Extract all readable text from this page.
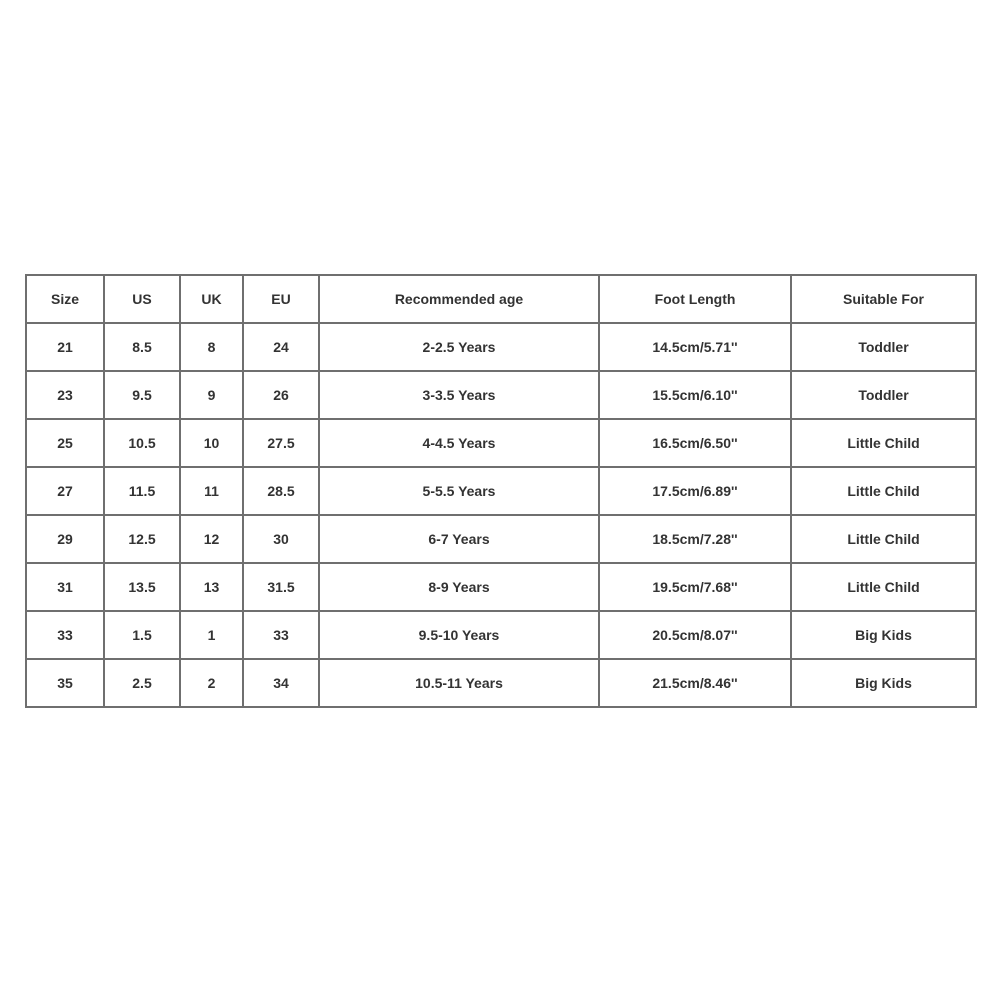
Size	US	UK	EU	Recommended age	Foot Length	Suitable For
21	8.5	8	24	2-2.5 Years	14.5cm/5.71''	Toddler
23	9.5	9	26	3-3.5 Years	15.5cm/6.10''	Toddler
25	10.5	10	27.5	4-4.5 Years	16.5cm/6.50''	Little Child
27	11.5	11	28.5	5-5.5 Years	17.5cm/6.89''	Little Child
29	12.5	12	30	6-7 Years	18.5cm/7.28''	Little Child
31	13.5	13	31.5	8-9 Years	19.5cm/7.68''	Little Child
33	1.5	1	33	9.5-10 Years	20.5cm/8.07''	Big Kids
35	2.5	2	34	10.5-11 Years	21.5cm/8.46''	Big Kids
